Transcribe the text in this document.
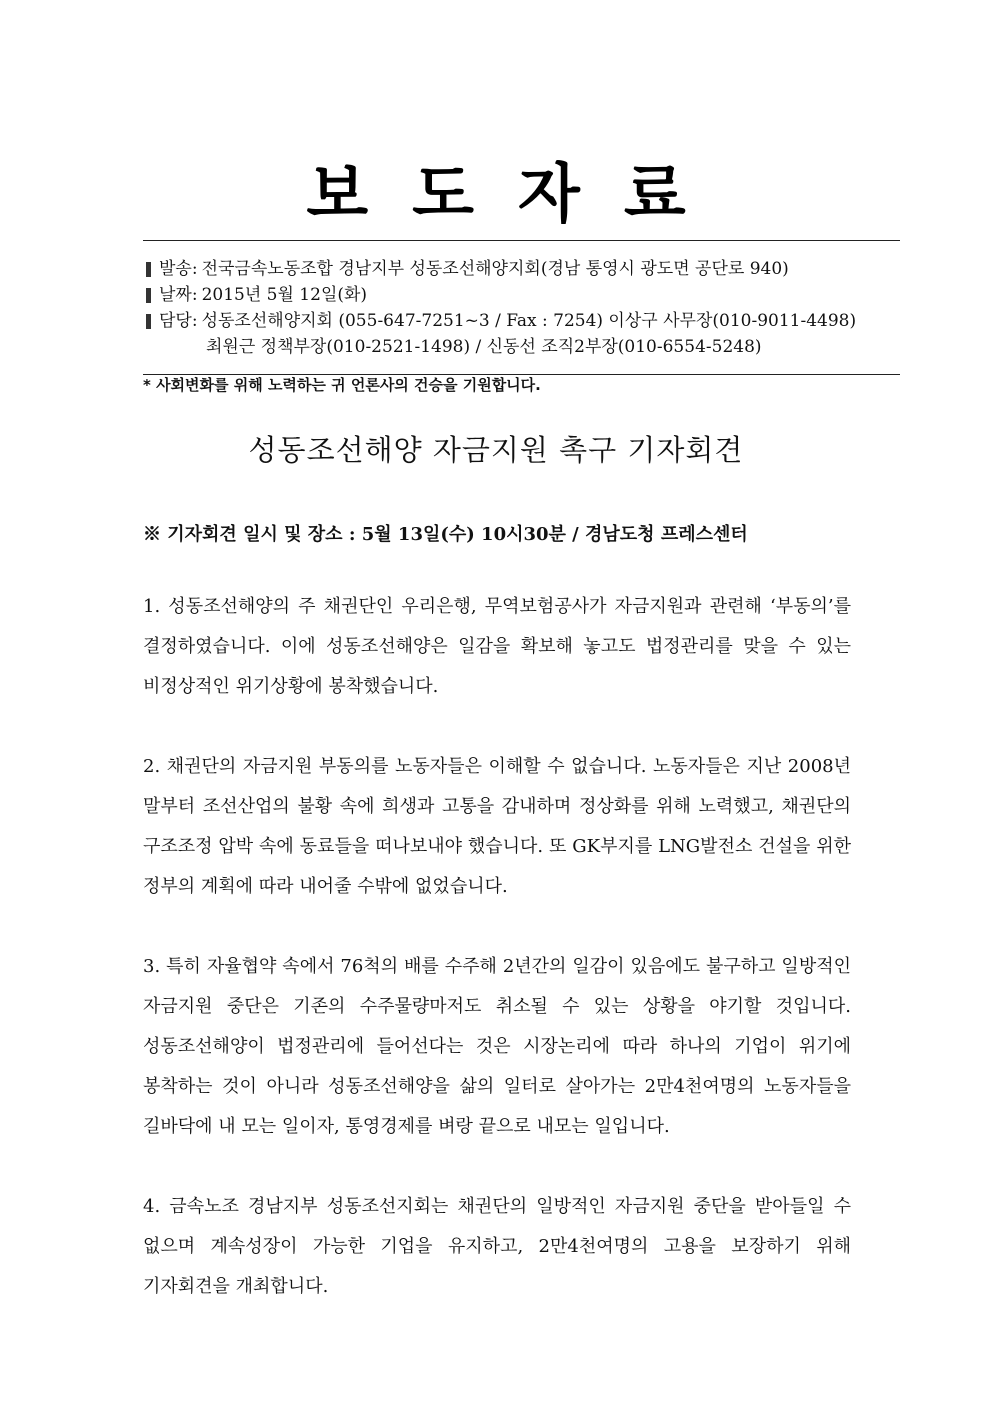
보도자료
발송: 전국금속노동조합 경남지부 성동조선해양지회(경남 통영시 광도면 공단로 940)
날짜: 2015년 5월 12일(화)
담당: 성동조선해양지회 (055-647-7251~3 / Fax : 7254) 이상구 사무장(010-9011-4498)
최원근 정책부장(010-2521-1498) / 신동선 조직2부장(010-6554-5248)
* 사회변화를 위해 노력하는 귀 언론사의 건승을 기원합니다.
성동조선해양 자금지원 촉구 기자회견
※ 기자회견 일시 및 장소 : 5월 13일(수) 10시30분 / 경남도청 프레스센터

1. 성동조선해양의 주 채권단인 우리은행, 무역보험공사가 자금지원과 관련해 ‘부동의’를 결정하였습니다. 이에 성동조선해양은 일감을 확보해 놓고도 법정관리를 맞을 수 있는 비정상적인 위기상황에 봉착했습니다.

2. 채권단의 자금지원 부동의를 노동자들은 이해할 수 없습니다. 노동자들은 지난 2008년 말부터 조선산업의 불황 속에 희생과 고통을 감내하며 정상화를 위해 노력했고, 채권단의 구조조정 압박 속에 동료들을 떠나보내야 했습니다. 또 GK부지를 LNG발전소 건설을 위한 정부의 계획에 따라 내어줄 수밖에 없었습니다.

3. 특히 자율협약 속에서 76척의 배를 수주해 2년간의 일감이 있음에도 불구하고 일방적인 자금지원 중단은 기존의 수주물량마저도 취소될 수 있는 상황을 야기할 것입니다. 성동조선해양이 법정관리에 들어선다는 것은 시장논리에 따라 하나의 기업이 위기에 봉착하는 것이 아니라 성동조선해양을 삶의 일터로 살아가는 2만4천여명의 노동자들을 길바닥에 내 모는 일이자, 통영경제를 벼랑 끝으로 내모는 일입니다.

4. 금속노조 경남지부 성동조선지회는 채권단의 일방적인 자금지원 중단을 받아들일 수 없으며 계속성장이 가능한 기업을 유지하고, 2만4천여명의 고용을 보장하기 위해 기자회견을 개최합니다.
